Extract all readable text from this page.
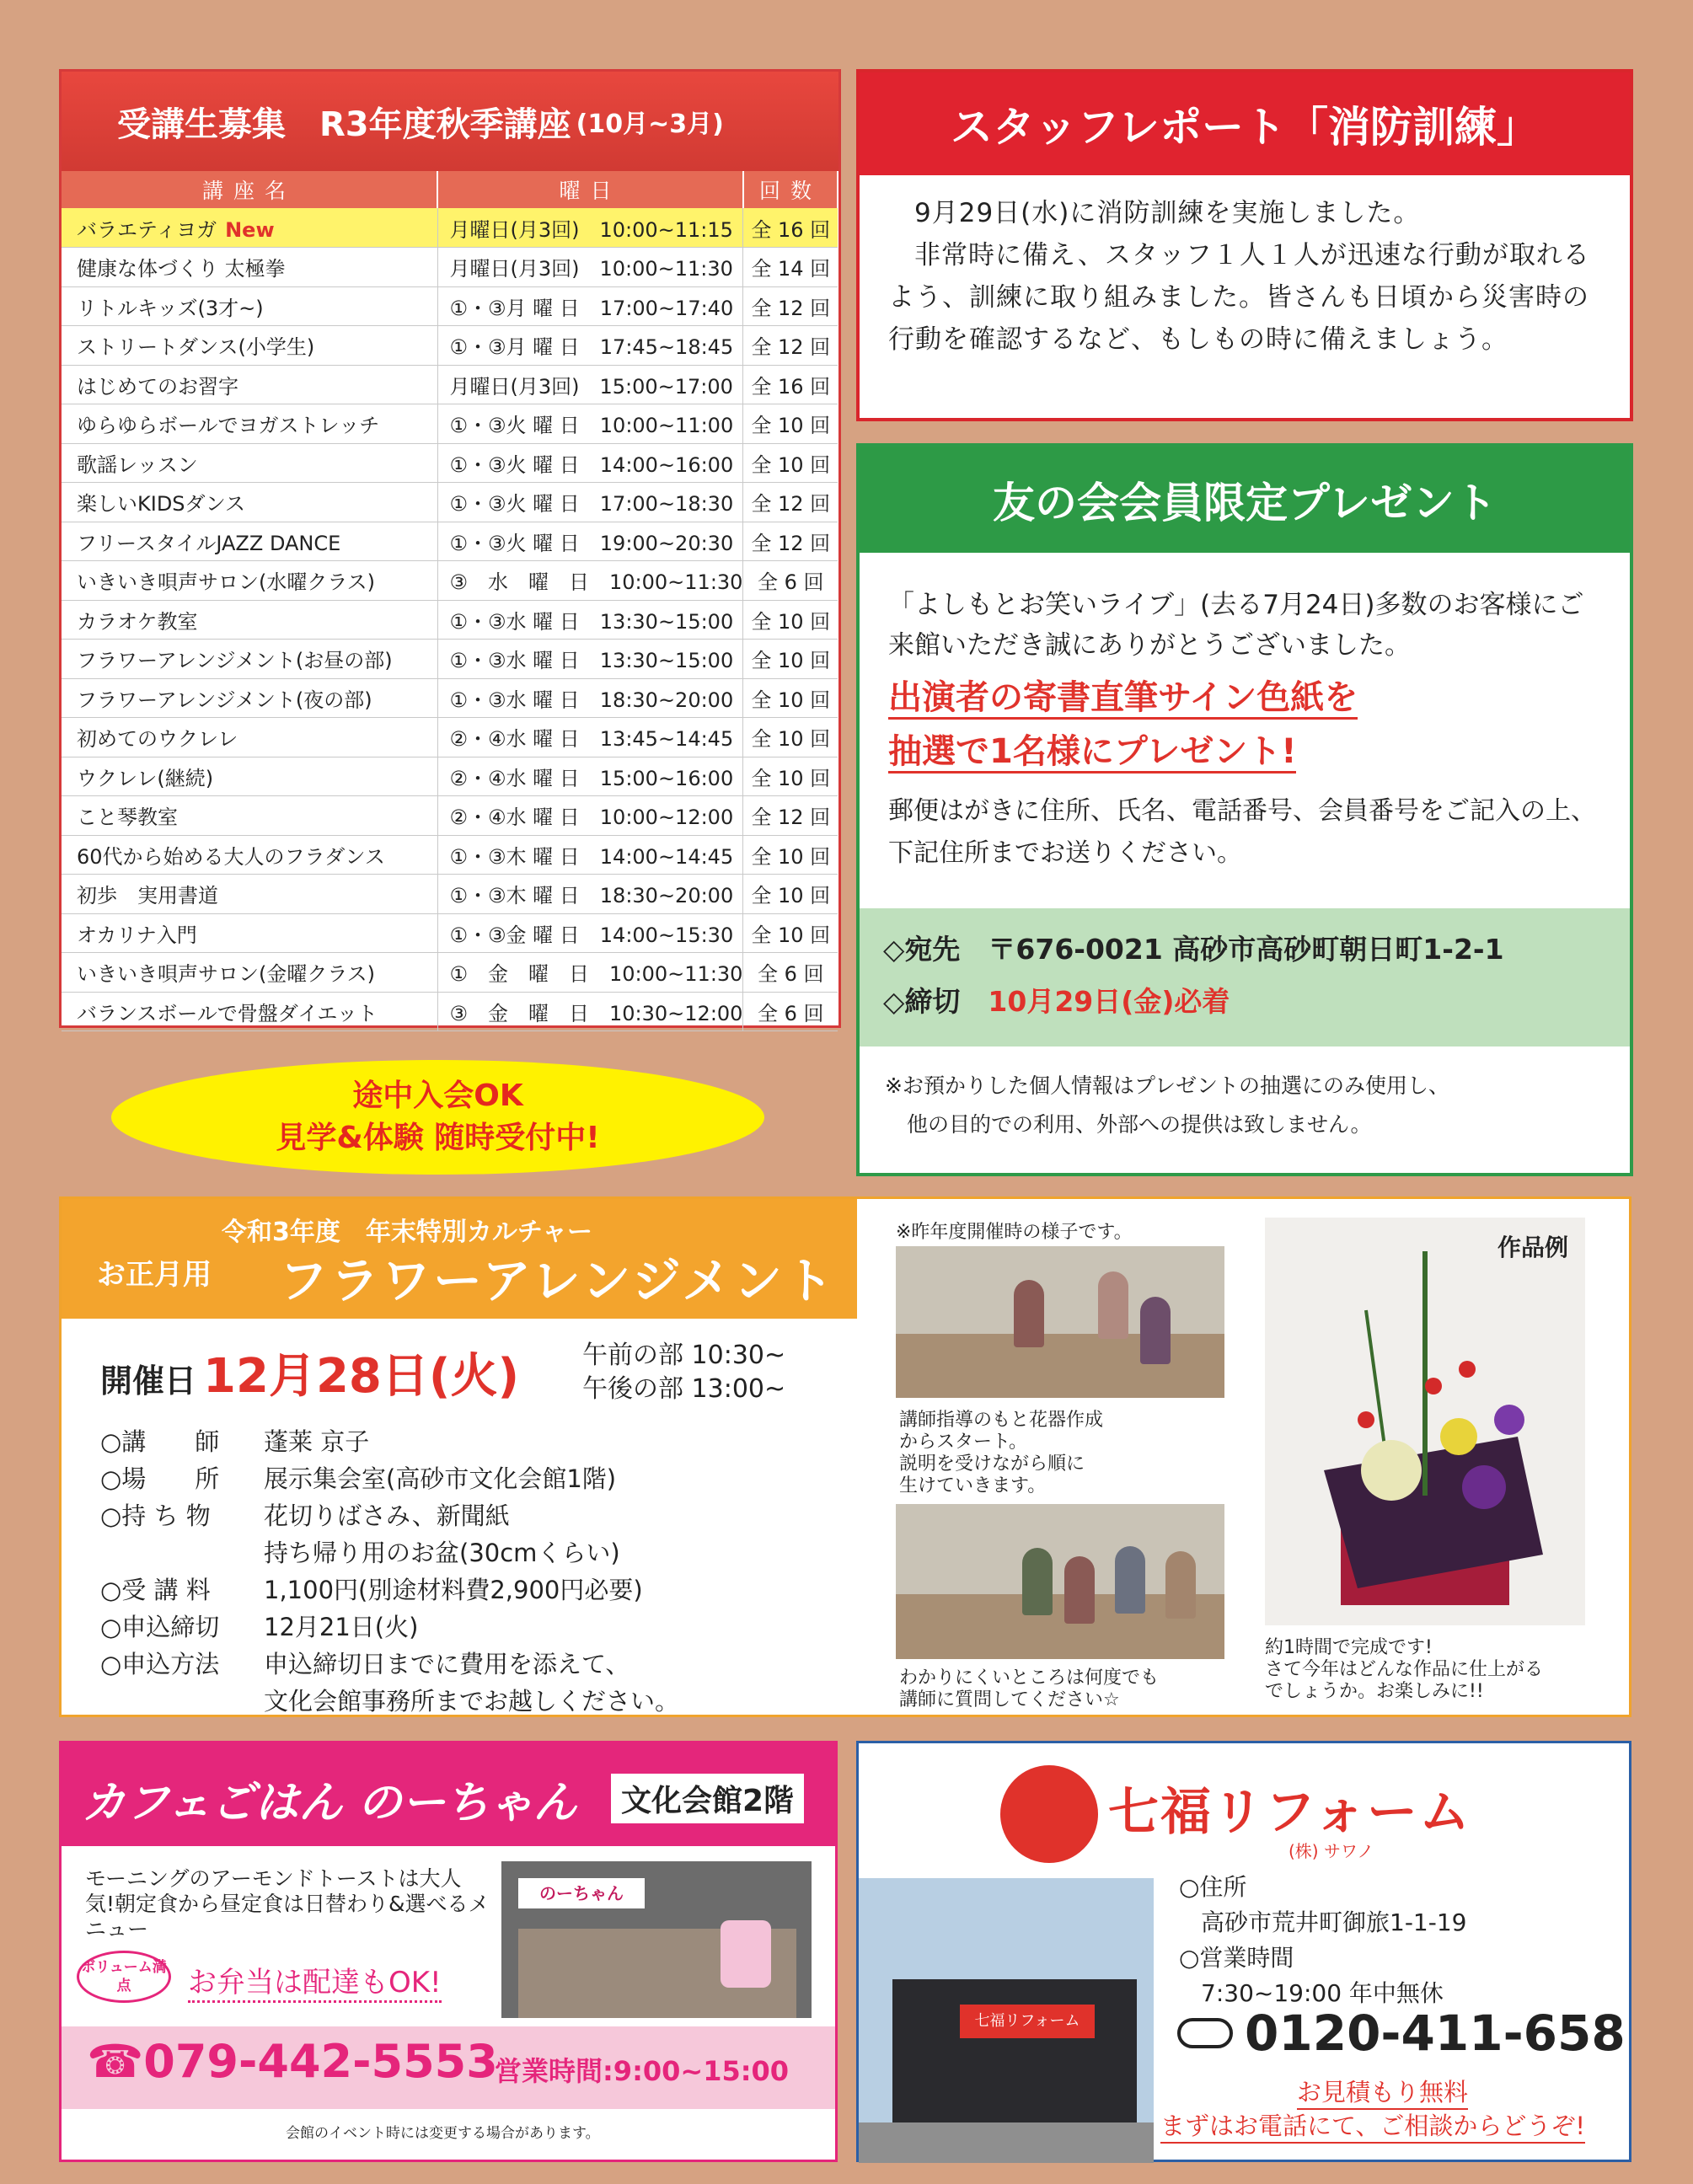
受講生募集　R3年度秋季講座 (10月~3月)
講座名	曜日	回数
バラエティヨガ New	月曜日(月3回)　10:00~11:15	全 16 回
健康な体づくり 太極拳	月曜日(月3回)　10:00~11:30	全 14 回
リトルキッズ(3才~)	①・③月 曜 日　17:00~17:40	全 12 回
ストリートダンス(小学生)	①・③月 曜 日　17:45~18:45	全 12 回
はじめてのお習字	月曜日(月3回)　15:00~17:00	全 16 回
ゆらゆらボールでヨガストレッチ	①・③火 曜 日　10:00~11:00	全 10 回
歌謡レッスン	①・③火 曜 日　14:00~16:00	全 10 回
楽しいKIDSダンス	①・③火 曜 日　17:00~18:30	全 12 回
フリースタイルJAZZ DANCE	①・③火 曜 日　19:00~20:30	全 12 回
いきいき唄声サロン(水曜クラス)	③　水　曜　日　10:00~11:30	全 6 回
カラオケ教室	①・③水 曜 日　13:30~15:00	全 10 回
フラワーアレンジメント(お昼の部)	①・③水 曜 日　13:30~15:00	全 10 回
フラワーアレンジメント(夜の部)	①・③水 曜 日　18:30~20:00	全 10 回
初めてのウクレレ	②・④水 曜 日　13:45~14:45	全 10 回
ウクレレ(継続)	②・④水 曜 日　15:00~16:00	全 10 回
こと琴教室	②・④水 曜 日　10:00~12:00	全 12 回
60代から始める大人のフラダンス	①・③木 曜 日　14:00~14:45	全 10 回
初歩　実用書道	①・③木 曜 日　18:30~20:00	全 10 回
オカリナ入門	①・③金 曜 日　14:00~15:30	全 10 回
いきいき唄声サロン(金曜クラス)	①　金　曜　日　10:00~11:30	全 6 回
バランスボールで骨盤ダイエット	③　金　曜　日　10:30~12:00	全 6 回
途中入会OK
見学&体験 随時受付中!
スタッフレポート「消防訓練」

9月29日(水)に消防訓練を実施しました。

非常時に備え、スタッフ１人１人が迅速な行動が取れるよう、訓練に取り組みました。皆さんも日頃から災害時の行動を確認するなど、もしもの時に備えましょう。

友の会会員限定プレゼント
「よしもとお笑いライブ」(去る7月24日)多数のお客様にご来館いただき誠にありがとうございました。
出演者の寄書直筆サイン色紙を
抽選で1名様にプレゼント!
郵便はがきに住所、氏名、電話番号、会員番号をご記入の上、下記住所までお送りください。
◇宛先　 〒676-0021 高砂市高砂町朝日町1-2-1
◇締切　 10月29日(金)必着
※お預かりした個人情報はプレゼントの抽選にのみ使用し、
他の目的での利用、外部への提供は致しません。
令和3年度　年末特別カルチャー
お正月用 フラワーアレンジメント
開催日 12月28日(火) 午前の部 10:30~
午後の部 13:00~
○講　　師	蓬莱 京子
○場　　所	展示集会室(高砂市文化会館1階)
○持 ち 物	花切りばさみ、新聞紙
持ち帰り用のお盆(30cmくらい)
○受 講 料	1,100円(別途材料費2,900円必要)
○申込締切	12月21日(火)
○申込方法	申込締切日までに費用を添えて、
文化会館事務所までお越しください。
※昨年度開催時の様子です。
講師指導のもと花器作成
からスタート。
説明を受けながら順に
生けていきます。
わかりにくいところは何度でも
講師に質問してください☆
作品例
約1時間で完成です!
さて今年はどんな作品に仕上がる
でしょうか。お楽しみに!!
カフェごはん のーちゃん	文化会館2階
モーニングのアーモンドトーストは大人気!朝定食から昼定食は日替わり&選べるメニュー
ボリューム満点	お弁当は配達もOK!
のーちゃん
☎079-442-5553
営業時間:9:00~15:00
会館のイベント時には変更する場合があります。
七福リフォーム
(株) サワノ
七福リフォーム
○住所
高砂市荒井町御旅1-1-19
○営業時間
7:30~19:00 年中無休
0120-411-658
お見積もり無料
まずはお電話にて、ご相談からどうぞ!
